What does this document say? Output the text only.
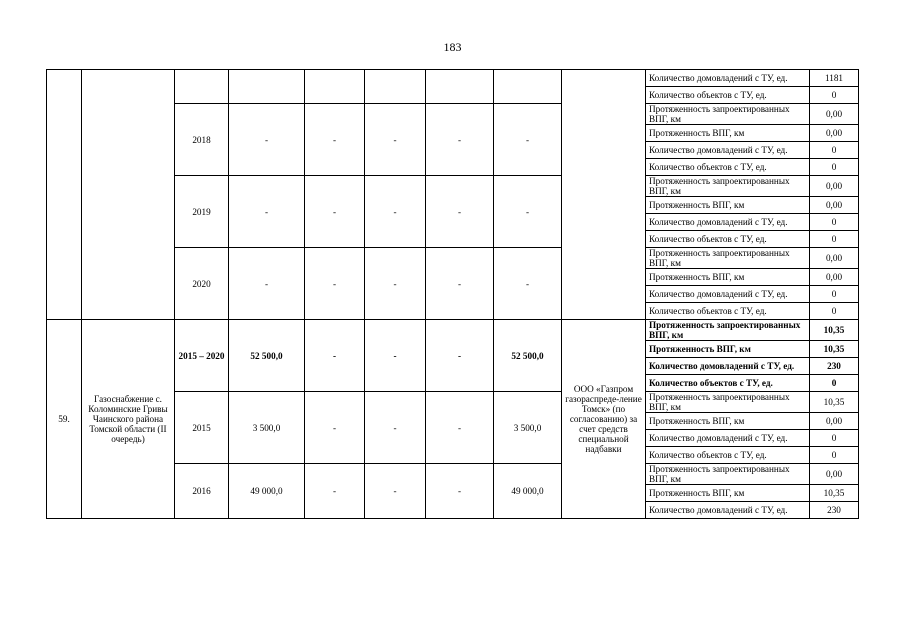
183
									Количество домовладений с ТУ, ед.	1181
									Количество объектов с ТУ, ед.	0
		2018	-	-	-	-	-		Протяженность запроектированных ВПГ, км	0,00
									Протяженность ВПГ, км	0,00
									Количество домовладений с ТУ, ед.	0
									Количество объектов с ТУ, ед.	0
		2019	-	-	-	-	-		Протяженность запроектированных ВПГ, км	0,00
									Протяженность ВПГ, км	0,00
									Количество домовладений с ТУ, ед.	0
									Количество объектов с ТУ, ед.	0
		2020	-	-	-	-	-		Протяженность запроектированных ВПГ, км	0,00
									Протяженность ВПГ, км	0,00
									Количество домовладений с ТУ, ед.	0
									Количество объектов с ТУ, ед.	0
59.	Газоснабжение с. Коломинские Гривы Чаинского района Томской области (II очередь)	2015 – 2020	52 500,0	-	-	-	52 500,0	ООО «Газпром газораспреде-ление Томск» (по согласованию) за счет средств специальной надбавки	Протяженность запроектированных ВПГ, км	10,35
									Протяженность ВПГ, км	10,35
									Количество домовладений с ТУ, ед.	230
									Количество объектов с ТУ, ед.	0
		2015	3 500,0	-	-	-	3 500,0		Протяженность запроектированных ВПГ, км	10,35
									Протяженность ВПГ, км	0,00
									Количество домовладений с ТУ, ед.	0
									Количество объектов с ТУ, ед.	0
		2016	49 000,0	-	-	-	49 000,0		Протяженность запроектированных ВПГ, км	0,00
									Протяженность ВПГ, км	10,35
									Количество домовладений с ТУ, ед.	230
